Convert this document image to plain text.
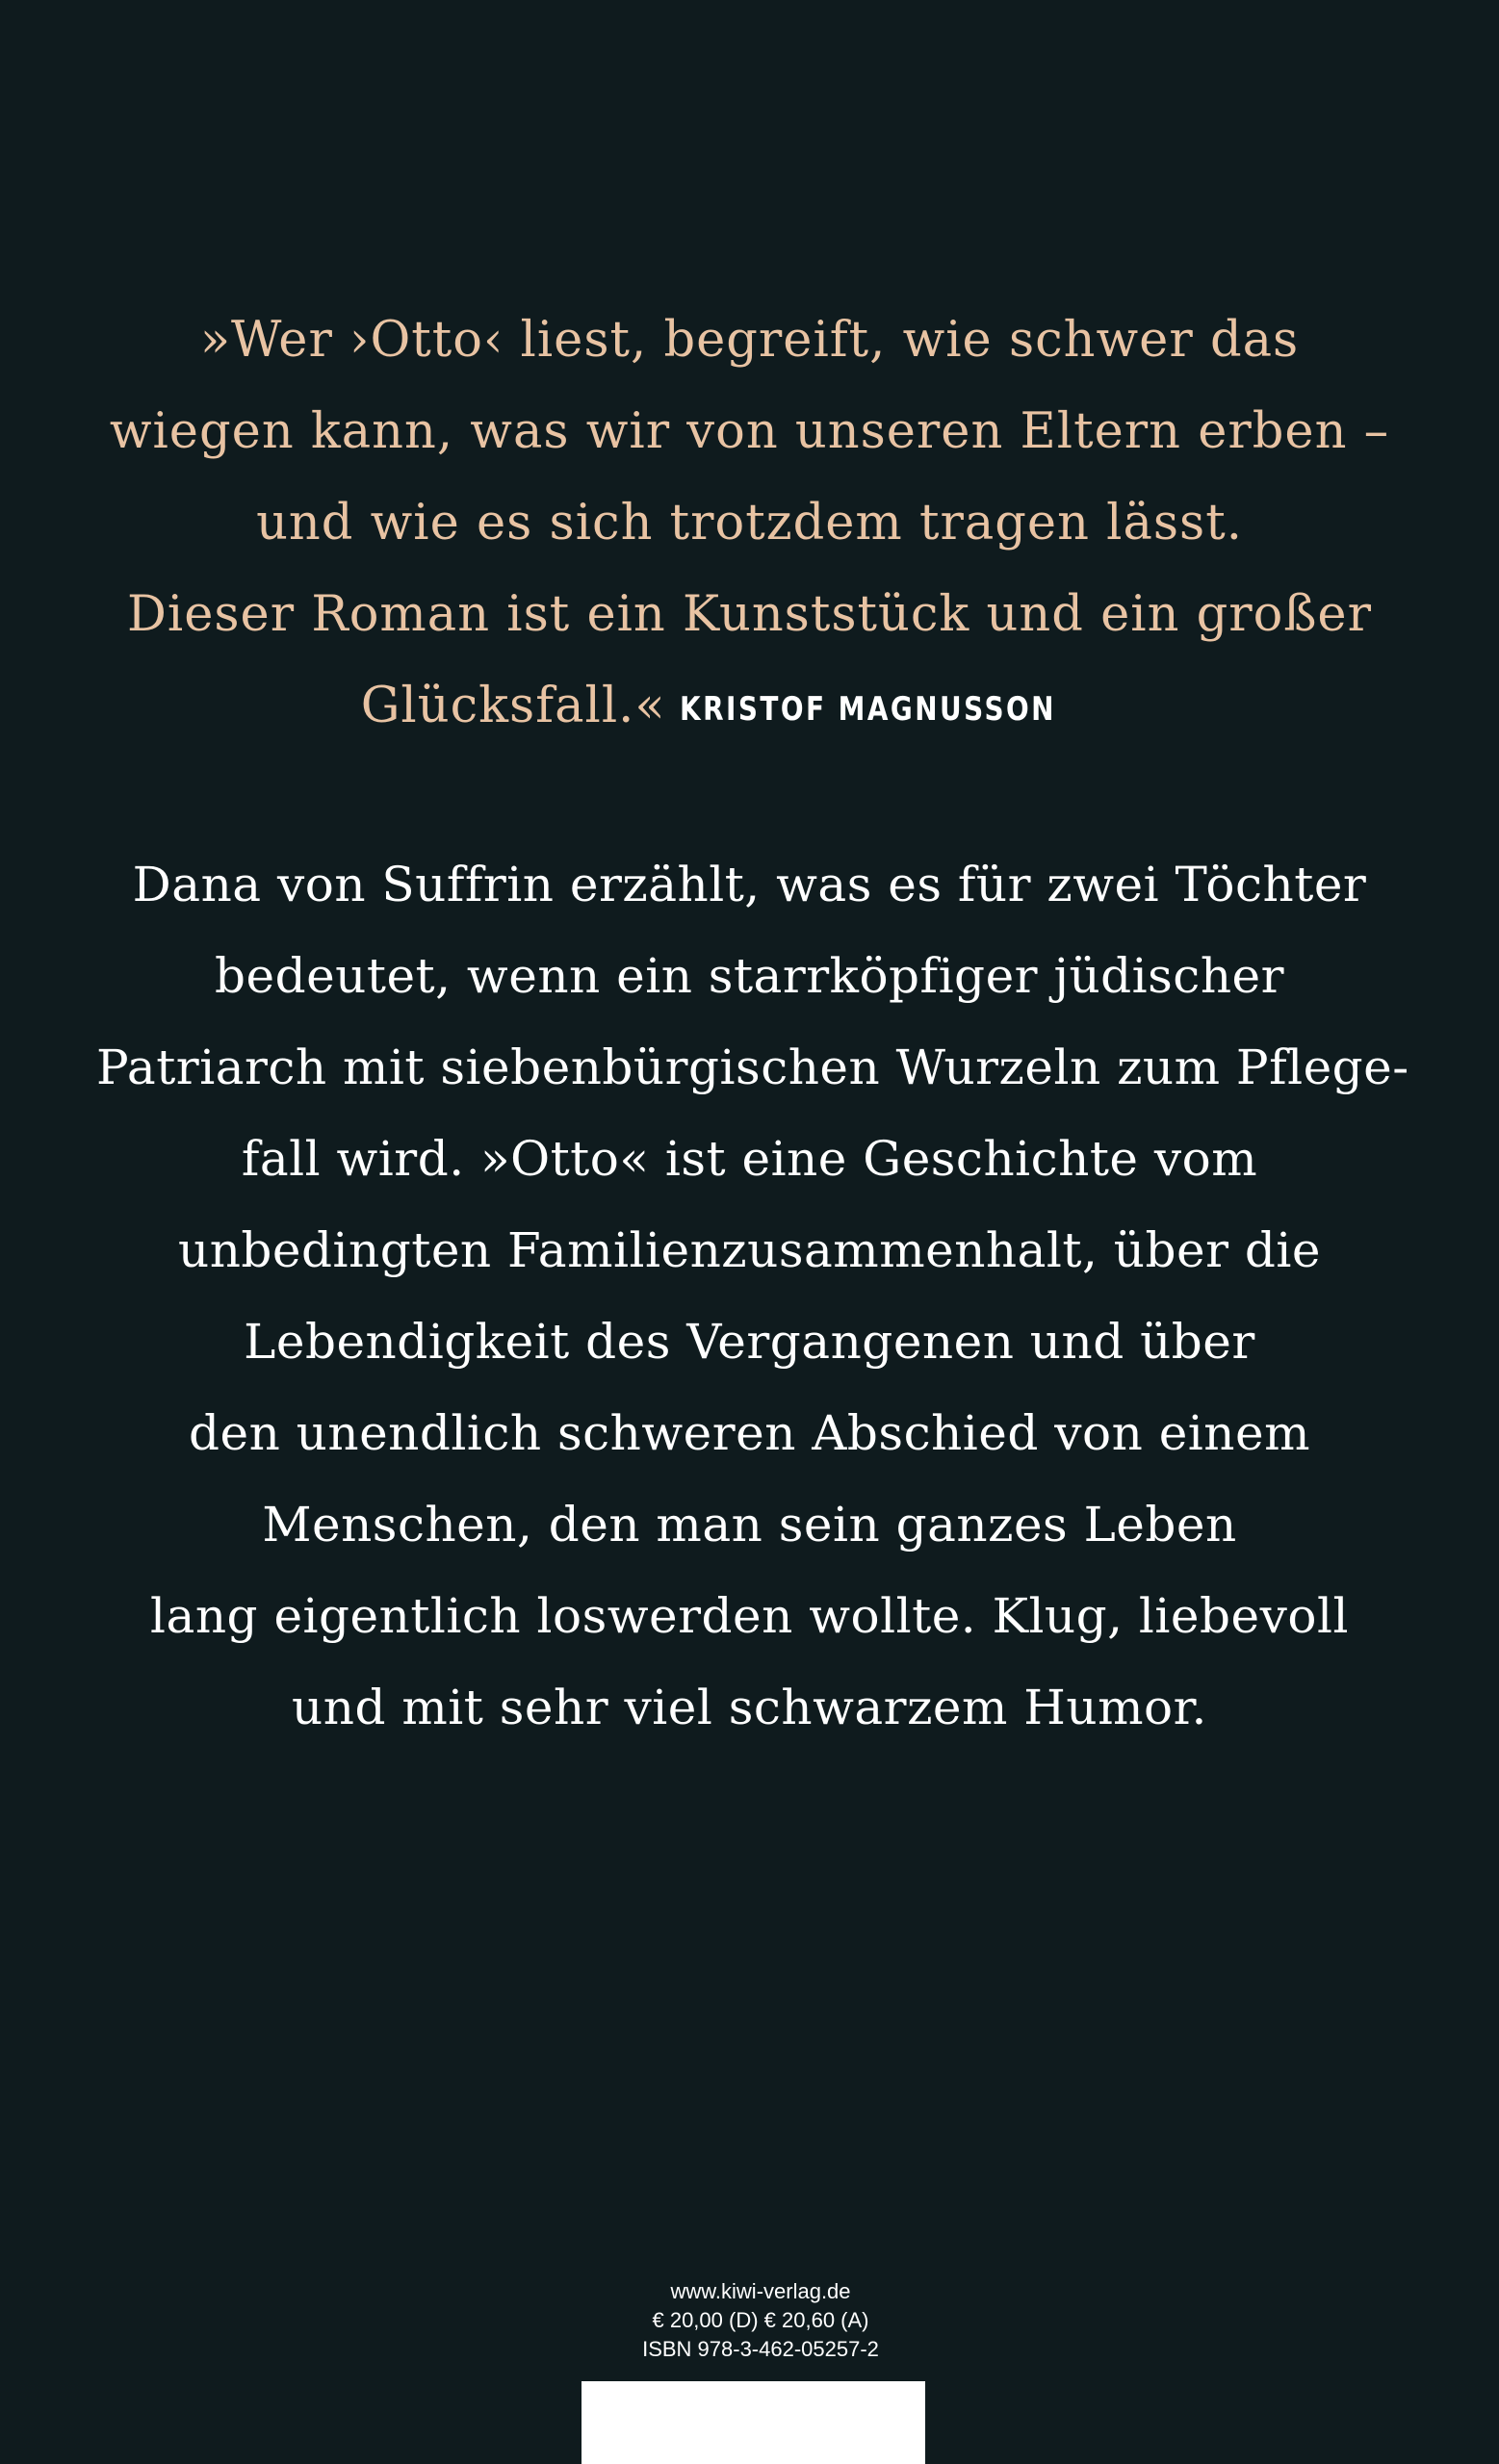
»Wer ›Otto‹ liest, begreift, wie schwer das
wiegen kann, was wir von unseren Eltern erben –
und wie es sich trotzdem tragen lässt.
Dieser Roman ist ein Kunststück und ein großer
Glücksfall.« KRISTOF MAGNUSSON
Dana von Suffrin erzählt, was es für zwei Töchter
bedeutet, wenn ein starrköpfiger jüdischer
Patriarch mit siebenbürgischen Wurzeln zum Pflege-
fall wird. »Otto« ist eine Geschichte vom
unbedingten Familienzusammenhalt, über die
Lebendigkeit des Vergangenen und über
den unendlich schweren Abschied von einem
Menschen, den man sein ganzes Leben
lang eigentlich loswerden wollte. Klug, liebevoll
und mit sehr viel schwarzem Humor.
www.kiwi-verlag.de
€ 20,00 (D) € 20,60 (A)
ISBN 978-3-462-05257-2
